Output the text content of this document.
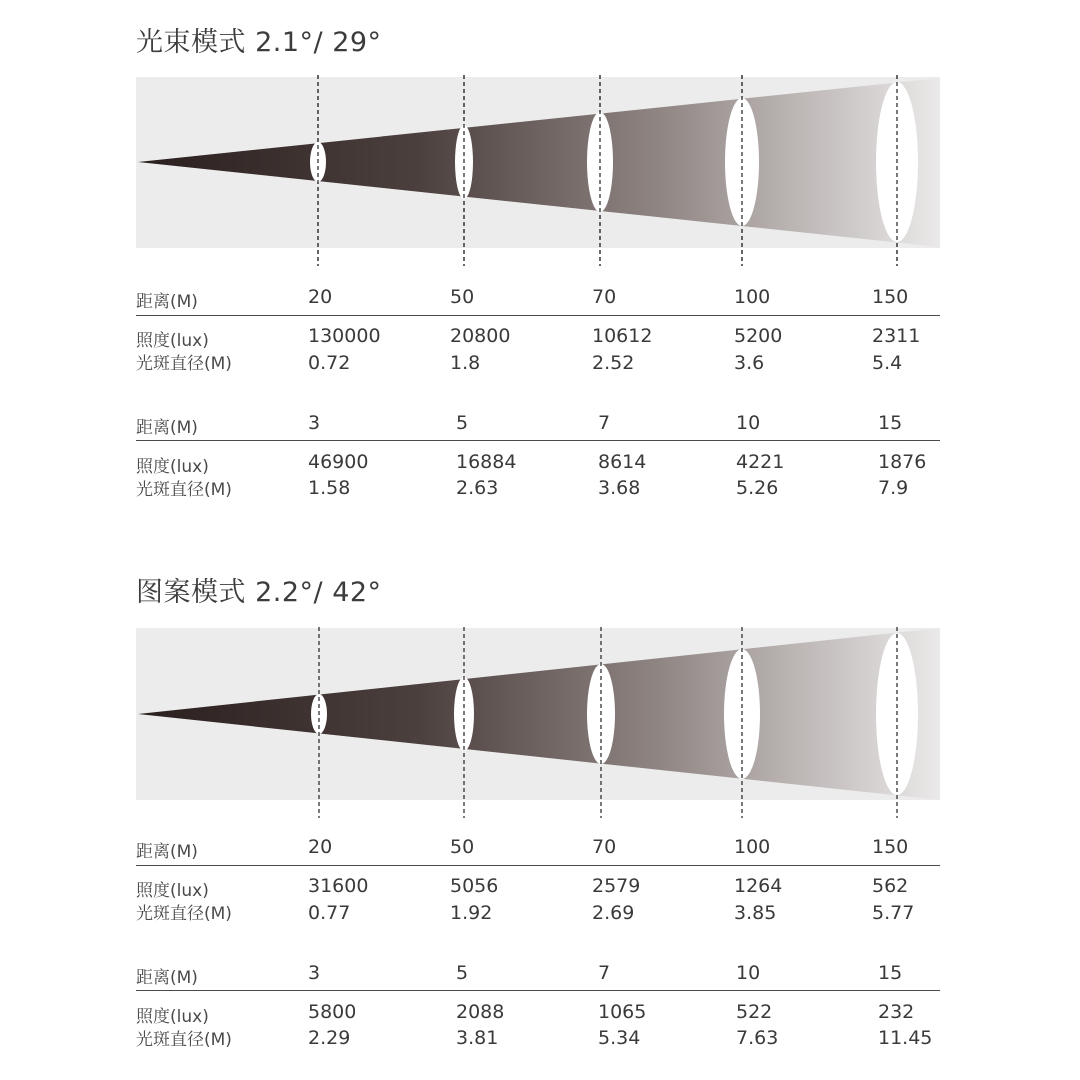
光束模式 2.1°/ 29°
距离(M)	20	50	70	100	150
照度(lux)	130000	20800	10612	5200	2311
光斑直径(M)	0.72	1.8	2.52	3.6	5.4
距离(M)	3	5	7	10	15
照度(lux)	46900	16884	8614	4221	1876
光斑直径(M)	1.58	2.63	3.68	5.26	7.9
图案模式 2.2°/ 42°
距离(M)	20	50	70	100	150
照度(lux)	31600	5056	2579	1264	562
光斑直径(M)	0.77	1.92	2.69	3.85	5.77
距离(M)	3	5	7	10	15
照度(lux)	5800	2088	1065	522	232
光斑直径(M)	2.29	3.81	5.34	7.63	11.45
